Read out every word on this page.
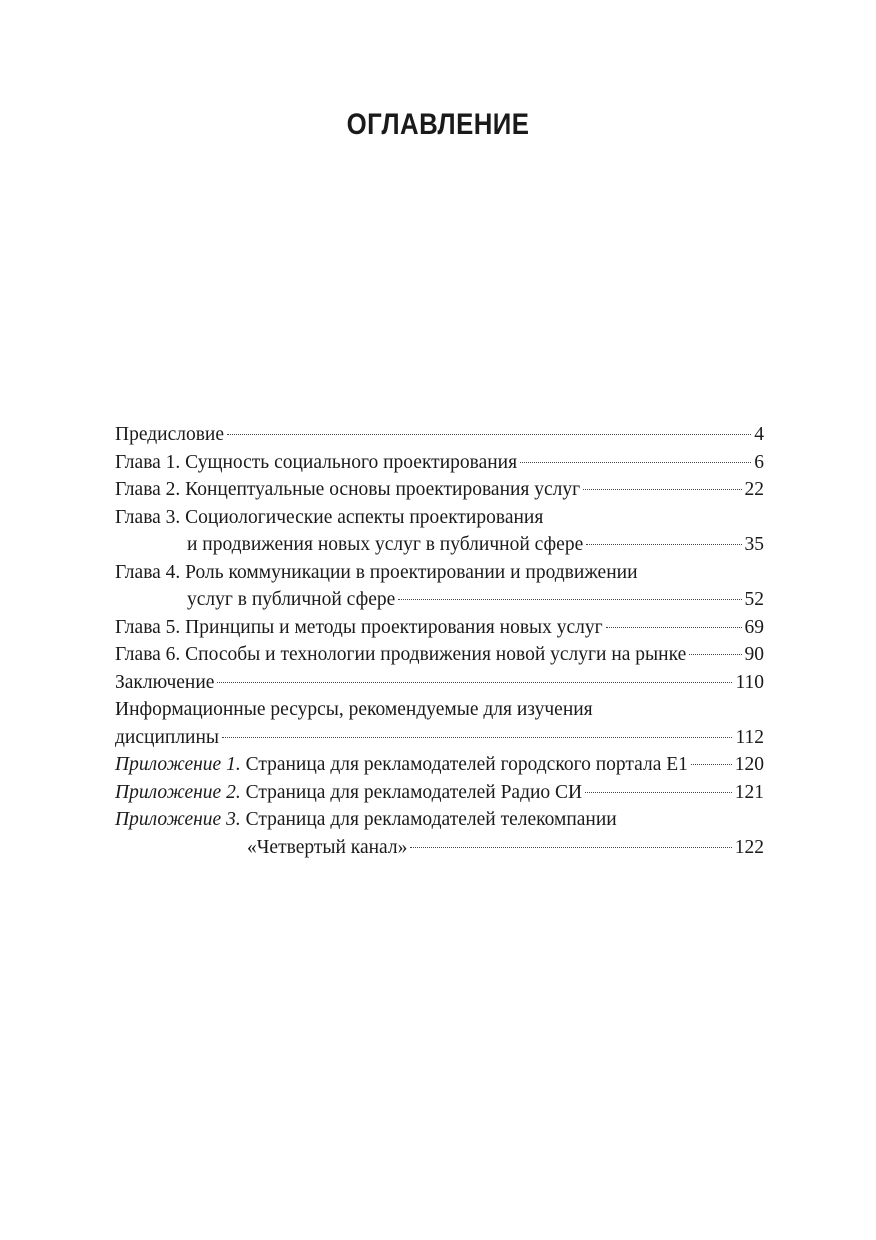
ОГЛАВЛЕНИЕ
Предисловие	4
Глава 1. Сущность социального проектирования	6
Глава 2. Концептуальные основы проектирования услуг	22
Глава 3. Социологические аспекты проектирования
и продвижения новых услуг в публичной сфере	35
Глава 4. Роль коммуникации в проектировании и продвижении
услуг в публичной сфере	52
Глава 5. Принципы и методы проектирования новых услуг	69
Глава 6. Способы и технологии продвижения новой услуги на рынке	90
Заключение	110
Информационные ресурсы, рекомендуемые для изучения
дисциплины	112
Приложение 1. Страница для рекламодателей городского портала E1 120
Приложение 2. Страница для рекламодателей Радио СИ	121
Приложение 3. Страница для рекламодателей телекомпании
«Четвертый канал»	122
